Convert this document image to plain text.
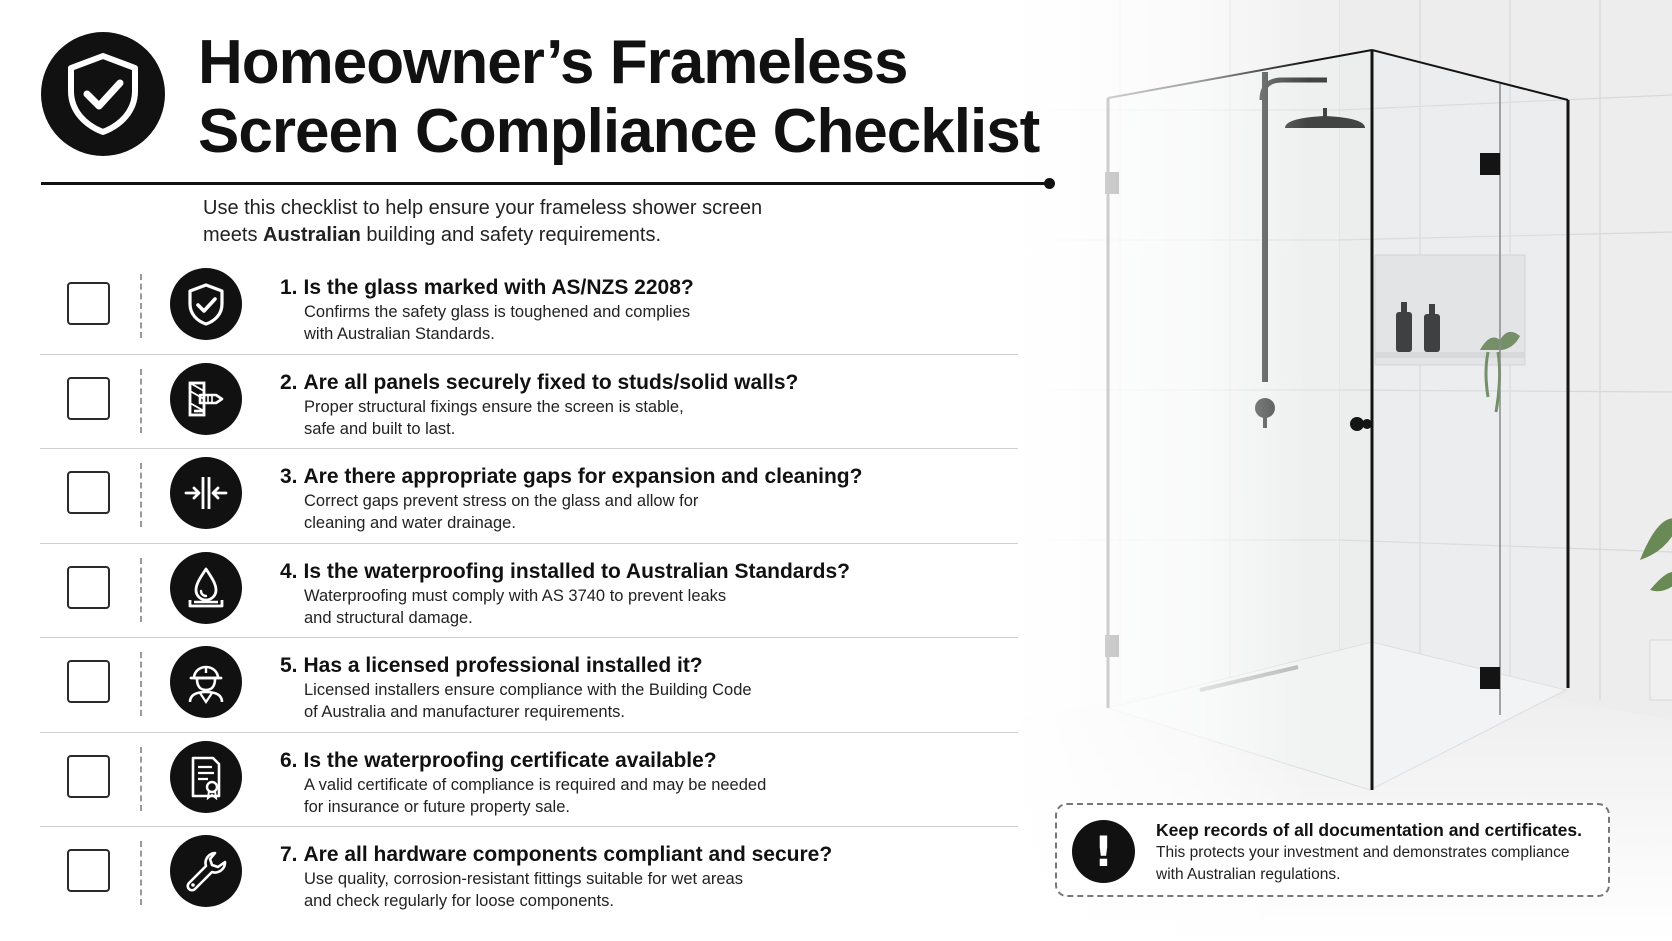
Homeowner’s Frameless
Screen Compliance Checklist

Use this checklist to help ensure your frameless shower screen
meets Australian building and safety requirements.

1. Is the glass marked with AS/NZS 2208?
Confirms the safety glass is toughened and complies
with Australian Standards.
2. Are all panels securely fixed to studs/solid walls?
Proper structural fixings ensure the screen is stable,
safe and built to last.
3. Are there appropriate gaps for expansion and cleaning?
Correct gaps prevent stress on the glass and allow for
cleaning and water drainage.
4. Is the waterproofing installed to Australian Standards?
Waterproofing must comply with AS 3740 to prevent leaks
and structural damage.
5. Has a licensed professional installed it?
Licensed installers ensure compliance with the Building Code
of Australia and manufacturer requirements.
6. Is the waterproofing certificate available?
A valid certificate of compliance is required and may be needed
for insurance or future property sale.
7. Are all hardware components compliant and secure?
Use quality, corrosion-resistant fittings suitable for wet areas
and check regularly for loose components.
!	Keep records of all documentation and certificates.
This protects your investment and demonstrates compliance
with Australian regulations.
